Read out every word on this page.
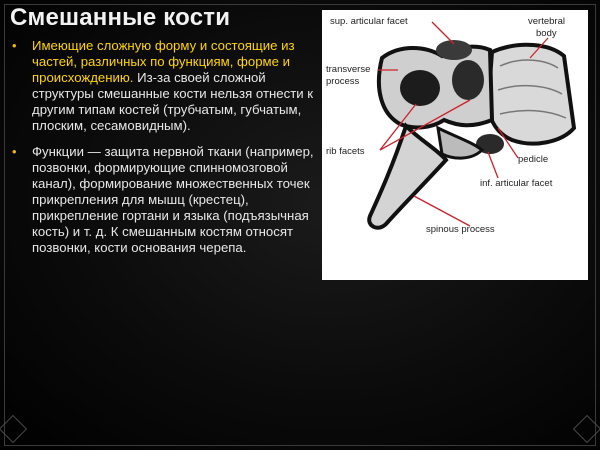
Смешанные кости
• Имеющие сложную форму и состоящие из частей, различных по функциям, форме и происхождению. Из-за своей сложной структуры смешанные кости нельзя отнести к другим типам костей (трубчатым, губчатым, плоским, сесамовидным).
• Функции — защита нервной ткани (например, позвонки, формирующие спинномозговой канал), формирование множественных точек прикрепления для мышц (крестец), прикрепление гортани и языка (подъязычная кость) и т. д. К смешанным костям относят позвонки, кости основания черепа.
sup. articular facet	vertebral
body
transverse
process
rib facets
pedicle
inf. articular facet
spinous process
